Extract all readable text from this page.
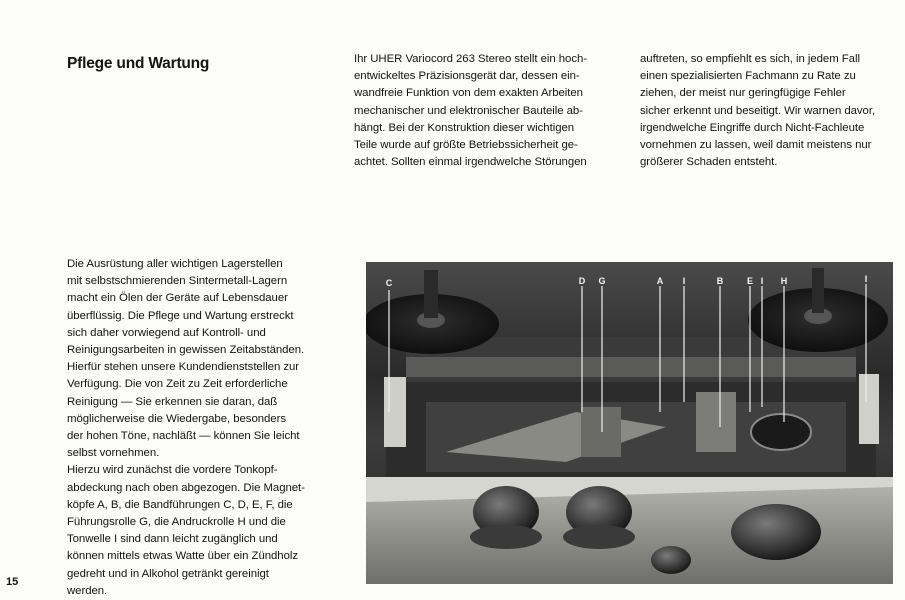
Pflege und Wartung	Ihr UHER Variocord 263 Stereo stellt ein hoch-
entwickeltes Präzisionsgerät dar, dessen ein-
wandfreie Funktion von dem exakten Arbeiten
mechanischer und elektronischer Bauteile ab-
hängt. Bei der Konstruktion dieser wichtigen
Teile wurde auf größte Betriebssicherheit ge-
achtet. Sollten einmal irgendwelche Störungen
auftreten, so empfiehlt es sich, in jedem Fall
einen spezialisierten Fachmann zu Rate zu
ziehen, der meist nur geringfügige Fehler
sicher erkennt und beseitigt. Wir warnen davor,
irgendwelche Eingriffe durch Nicht-Fachleute
vornehmen zu lassen, weil damit meistens nur
größerer Schaden entsteht.
Die Ausrüstung aller wichtigen Lagerstellen
mit selbstschmierenden Sintermetall-Lagern
macht ein Ölen der Geräte auf Lebensdauer
überflüssig. Die Pflege und Wartung erstreckt
sich daher vorwiegend auf Kontroll- und
Reinigungsarbeiten in gewissen Zeitabständen.
Hierfür stehen unsere Kundendienststellen zur
Verfügung. Die von Zeit zu Zeit erforderliche
Reinigung — Sie erkennen sie daran, daß
möglicherweise die Wiedergabe, besonders
der hohen Töne, nachläßt — können Sie leicht
selbst vornehmen.
Hierzu wird zunächst die vordere Tonkopf-
abdeckung nach oben abgezogen. Die Magnet-
köpfe A, B, die Bandführungen C, D, E, F, die
Führungsrolle G, die Andruckrolle H und die
Tonwelle I sind dann leicht zugänglich und
können mittels etwas Watte über ein Zündholz
gedreht und in Alkohol getränkt gereinigt
werden.
15
C	D G	A I	B	E I H	I
